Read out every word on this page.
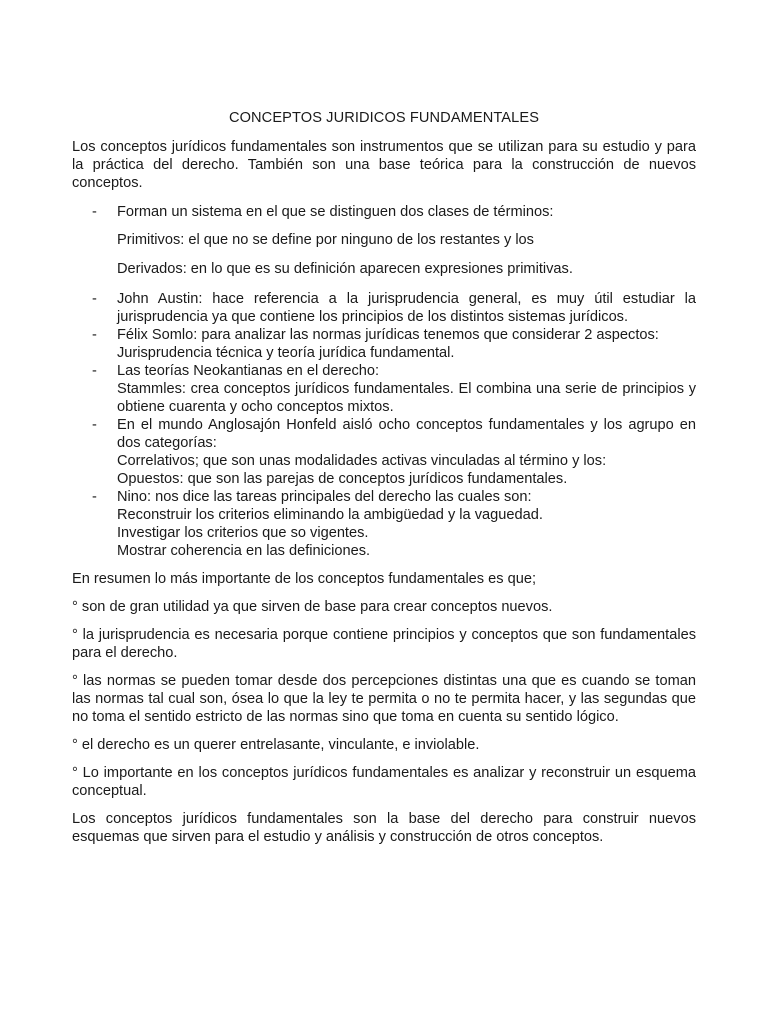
CONCEPTOS JURIDICOS FUNDAMENTALES

Los conceptos jurídicos fundamentales son instrumentos que se utilizan para su estudio y para la práctica del derecho. También son una base teórica para la construcción de nuevos conceptos.

- Forman un sistema en el que se distinguen dos clases de términos:
Primitivos: el que no se define por ninguno de los restantes y los
Derivados: en lo que es su definición aparecen expresiones primitivas.
- John Austin: hace referencia a la jurisprudencia general, es muy útil estudiar la jurisprudencia ya que contiene los principios de los distintos sistemas jurídicos.
- Félix Somlo: para analizar las normas jurídicas tenemos que considerar 2 aspectos:
Jurisprudencia técnica y teoría jurídica fundamental.
- Las teorías Neokantianas en el derecho:
Stammles: crea conceptos jurídicos fundamentales. El combina una serie de principios y obtiene cuarenta y ocho conceptos mixtos.
- En el mundo Anglosajón Honfeld aisló ocho conceptos fundamentales y los agrupo en dos categorías:
Correlativos; que son unas modalidades activas vinculadas al término y los:
Opuestos: que son las parejas de conceptos jurídicos fundamentales.
- Nino: nos dice las tareas principales del derecho las cuales son:
Reconstruir los criterios eliminando la ambigüedad y la vaguedad.
Investigar los criterios que so vigentes.
Mostrar coherencia en las definiciones.

En resumen lo más importante de los conceptos fundamentales es que;

° son de gran utilidad ya que sirven de base para crear conceptos nuevos.

° la jurisprudencia es necesaria porque contiene principios y conceptos que son fundamentales para el derecho.

° las normas se pueden tomar desde dos percepciones distintas una que es cuando se toman las normas tal cual son, ósea lo que la ley te permita o no te permita hacer, y las segundas que no toma el sentido estricto de las normas sino que toma en cuenta su sentido lógico.

° el derecho es un querer entrelasante, vinculante, e inviolable.

° Lo importante en los conceptos jurídicos fundamentales es analizar y reconstruir un esquema conceptual.

Los conceptos jurídicos fundamentales son la base del derecho para construir nuevos esquemas que sirven para el estudio y análisis y construcción de otros conceptos.
